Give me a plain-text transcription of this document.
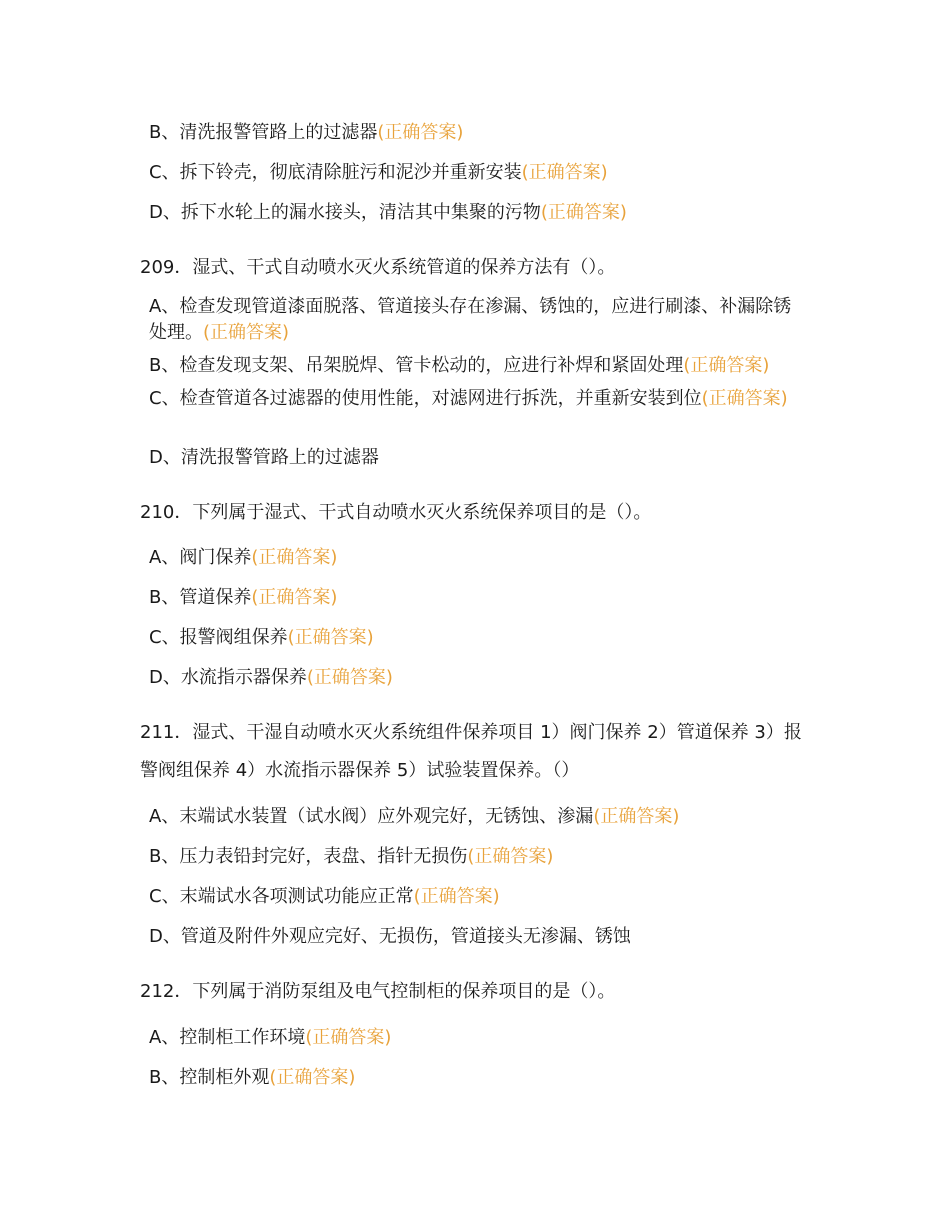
B、清洗报警管路上的过滤器(正确答案)
C、拆下铃壳，彻底清除脏污和泥沙并重新安装(正确答案)
D、拆下水轮上的漏水接头，清洁其中集聚的污物(正确答案)
209．湿式、干式自动喷水灭火系统管道的保养方法有（）。
A、检查发现管道漆面脱落、管道接头存在渗漏、锈蚀的，应进行刷漆、补漏除锈处理。(正确答案)
B、检查发现支架、吊架脱焊、管卡松动的，应进行补焊和紧固处理(正确答案)
C、检查管道各过滤器的使用性能，对滤网进行拆洗，并重新安装到位(正确答案)
D、清洗报警管路上的过滤器
210．下列属于湿式、干式自动喷水灭火系统保养项目的是（）。
A、阀门保养(正确答案)
B、管道保养(正确答案)
C、报警阀组保养(正确答案)
D、水流指示器保养(正确答案)
211．湿式、干湿自动喷水灭火系统组件保养项目 1）阀门保养 2）管道保养 3）报警阀组保养 4）水流指示器保养 5）试验装置保养。（）
A、末端试水装置（试水阀）应外观完好，无锈蚀、渗漏(正确答案)
B、压力表铅封完好，表盘、指针无损伤(正确答案)
C、末端试水各项测试功能应正常(正确答案)
D、管道及附件外观应完好、无损伤，管道接头无渗漏、锈蚀
212．下列属于消防泵组及电气控制柜的保养项目的是（）。
A、控制柜工作环境(正确答案)
B、控制柜外观(正确答案)
